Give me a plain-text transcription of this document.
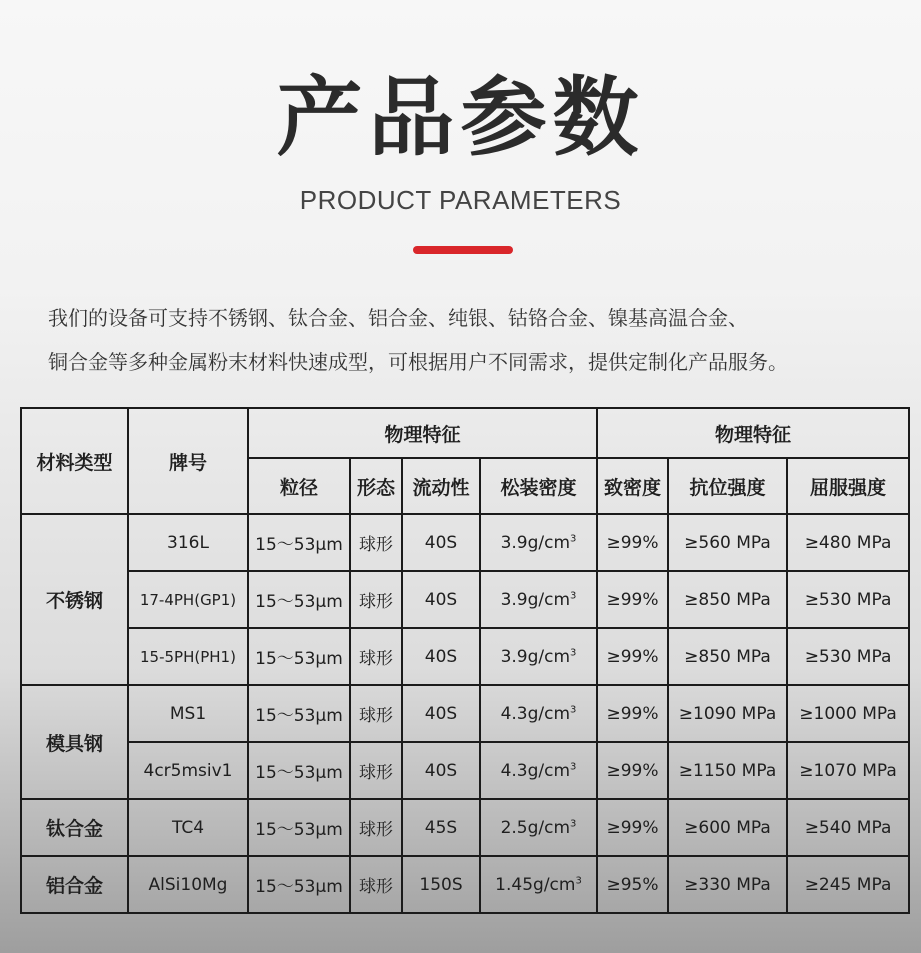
产品参数
PRODUCT PARAMETERS

我们的设备可支持不锈钢、钛合金、铝合金、纯银、钴铬合金、镍基高温合金、

铜合金等多种金属粉末材料快速成型，可根据用户不同需求，提供定制化产品服务。

材料类型	牌号	物理特征				物理特征		
		粒径	形态	流动性	松装密度	致密度	抗位强度	屈服强度
不锈钢	316L	15～53μm	球形	40S	$3.9g/cm^3$	≥99%	≥560 MPa	≥480 MPa
	17-4PH(GP1)	15～53μm	球形	40S	$3.9g/cm^3$	≥99%	≥850 MPa	≥530 MPa
	15-5PH(PH1)	15～53μm	球形	40S	$3.9g/cm^3$	≥99%	≥850 MPa	≥530 MPa
模具钢	MS1	15～53μm	球形	40S	$4.3g/cm^3$	≥99%	≥1090 MPa	≥1000 MPa
	4cr5msiv1	15～53μm	球形	40S	$4.3g/cm^3$	≥99%	≥1150 MPa	≥1070 MPa
钛合金	TC4	15～53μm	球形	45S	$2.5g/cm^3$	≥99%	≥600 MPa	≥540 MPa
铝合金	AlSi10Mg	15～53μm	球形	150S	$1.45g/cm^3$	≥95%	≥330 MPa	≥245 MPa
